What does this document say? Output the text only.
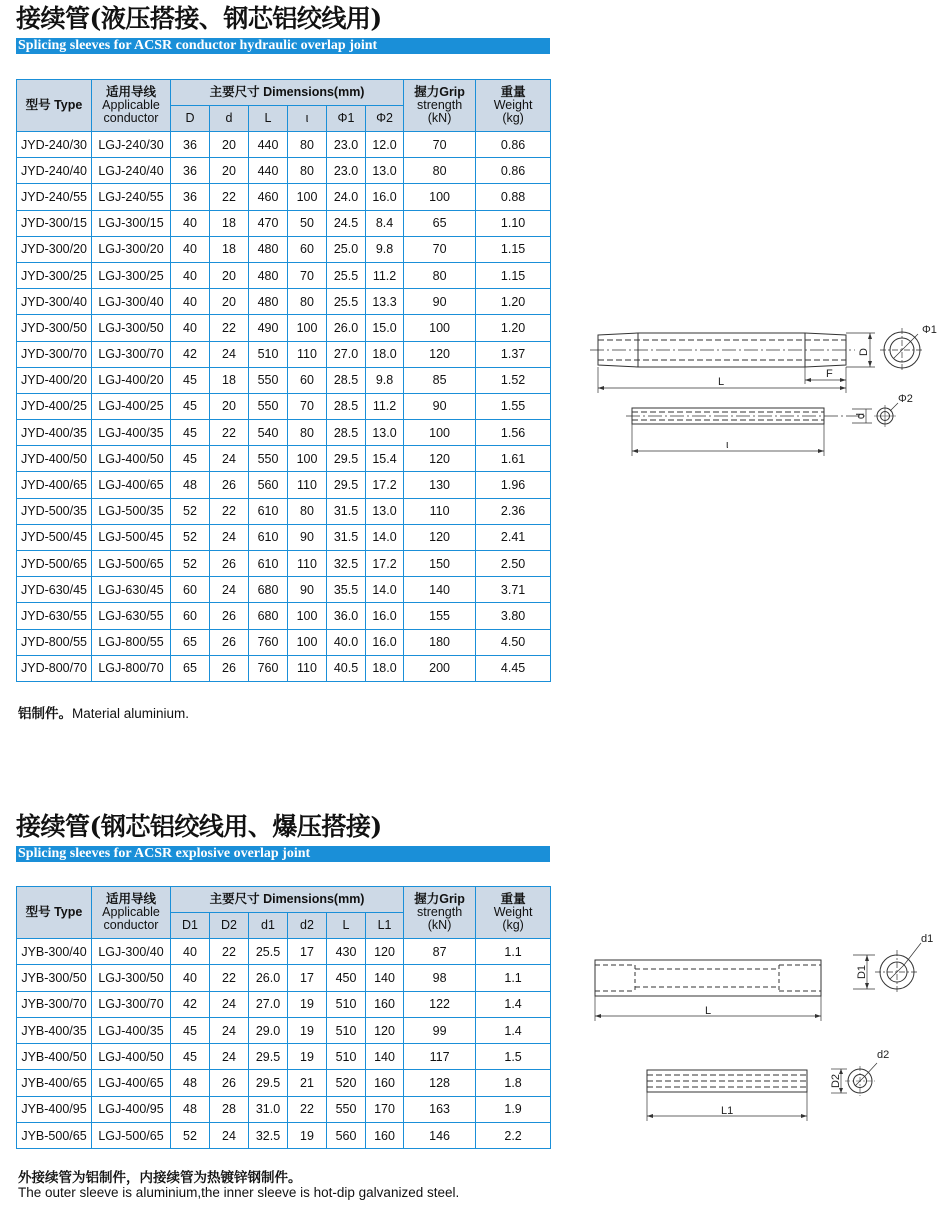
接续管(液压搭接、钢芯铝绞线用)
Splicing sleeves for ACSR conductor hydraulic overlap joint
型号 Type	适用导线
Applicable
conductor	主要尺寸 Dimensions(mm)						握力Grip
strength
(kN)	重量
Weight
(kg)
		D	d	L	ι	Φ1	Φ2		
JYD-240/30	LGJ-240/30	36	20	440	80	23.0	12.0	70	0.86
JYD-240/40	LGJ-240/40	36	20	440	80	23.0	13.0	80	0.86
JYD-240/55	LGJ-240/55	36	22	460	100	24.0	16.0	100	0.88
JYD-300/15	LGJ-300/15	40	18	470	50	24.5	8.4	65	1.10
JYD-300/20	LGJ-300/20	40	18	480	60	25.0	9.8	70	1.15
JYD-300/25	LGJ-300/25	40	20	480	70	25.5	11.2	80	1.15
JYD-300/40	LGJ-300/40	40	20	480	80	25.5	13.3	90	1.20
JYD-300/50	LGJ-300/50	40	22	490	100	26.0	15.0	100	1.20
JYD-300/70	LGJ-300/70	42	24	510	110	27.0	18.0	120	1.37
JYD-400/20	LGJ-400/20	45	18	550	60	28.5	9.8	85	1.52
JYD-400/25	LGJ-400/25	45	20	550	70	28.5	11.2	90	1.55
JYD-400/35	LGJ-400/35	45	22	540	80	28.5	13.0	100	1.56
JYD-400/50	LGJ-400/50	45	24	550	100	29.5	15.4	120	1.61
JYD-400/65	LGJ-400/65	48	26	560	110	29.5	17.2	130	1.96
JYD-500/35	LGJ-500/35	52	22	610	80	31.5	13.0	110	2.36
JYD-500/45	LGJ-500/45	52	24	610	90	31.5	14.0	120	2.41
JYD-500/65	LGJ-500/65	52	26	610	110	32.5	17.2	150	2.50
JYD-630/45	LGJ-630/45	60	24	680	90	35.5	14.0	140	3.71
JYD-630/55	LGJ-630/55	60	26	680	100	36.0	16.0	155	3.80
JYD-800/55	LGJ-800/55	65	26	760	100	40.0	16.0	180	4.50
JYD-800/70	LGJ-800/70	65	26	760	110	40.5	18.0	200	4.45
铝制件。Material aluminium.
D
Φ1
L
F
d
Φ2
ι
接续管(钢芯铝绞线用、爆压搭接)
Splicing sleeves for ACSR explosive overlap joint
型号 Type	适用导线
Applicable
conductor	主要尺寸 Dimensions(mm)						握力Grip
strength
(kN)	重量
Weight
(kg)
		D1	D2	d1	d2	L	L1		
JYB-300/40	LGJ-300/40	40	22	25.5	17	430	120	87	1.1
JYB-300/50	LGJ-300/50	40	22	26.0	17	450	140	98	1.1
JYB-300/70	LGJ-300/70	42	24	27.0	19	510	160	122	1.4
JYB-400/35	LGJ-400/35	45	24	29.0	19	510	120	99	1.4
JYB-400/50	LGJ-400/50	45	24	29.5	19	510	140	117	1.5
JYB-400/65	LGJ-400/65	48	26	29.5	21	520	160	128	1.8
JYB-400/95	LGJ-400/95	48	28	31.0	22	550	170	163	1.9
JYB-500/65	LGJ-500/65	52	24	32.5	19	560	160	146	2.2
外接续管为铝制件，内接续管为热镀锌钢制件。
The outer sleeve is aluminium,the inner sleeve is hot-dip galvanized steel.
D1
d1
L
D2
d2
L1
